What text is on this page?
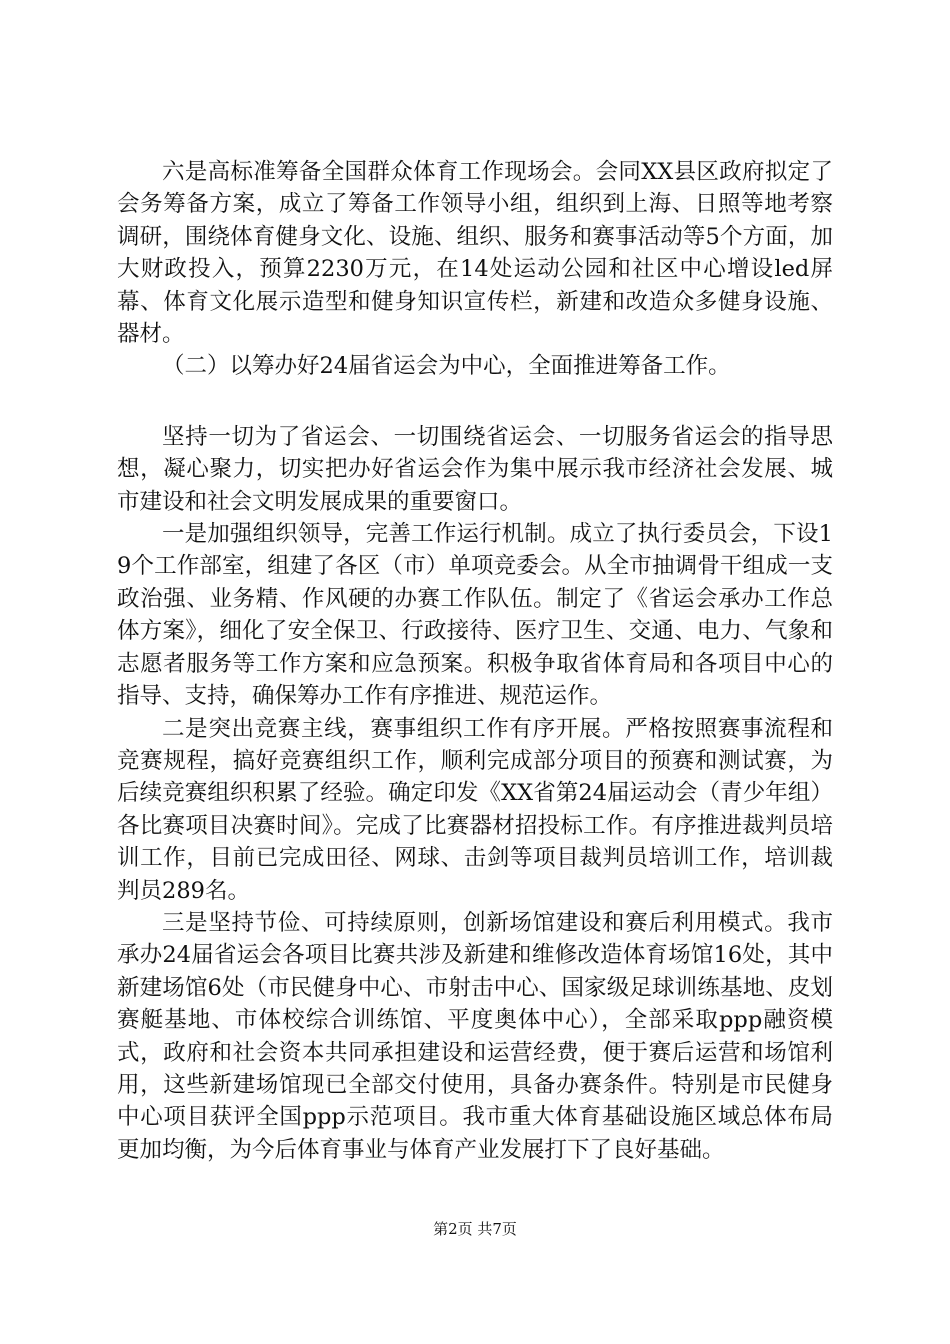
六是高标准筹备全国群众体育工作现场会。会同XX县区政府拟定了会务筹备方案，成立了筹备工作领导小组，组织到上海、日照等地考察调研，围绕体育健身文化、设施、组织、服务和赛事活动等5个方面，加大财政投入，预算2230万元，在14处运动公园和社区中心增设led屏幕、体育文化展示造型和健身知识宣传栏，新建和改造众多健身设施、器材。

（二）以筹办好24届省运会为中心，全面推进筹备工作。

坚持一切为了省运会、一切围绕省运会、一切服务省运会的指导思想，凝心聚力，切实把办好省运会作为集中展示我市经济社会发展、城市建设和社会文明发展成果的重要窗口。

一是加强组织领导，完善工作运行机制。成立了执行委员会，下设19个工作部室，组建了各区（市）单项竞委会。从全市抽调骨干组成一支政治强、业务精、作风硬的办赛工作队伍。制定了《省运会承办工作总体方案》，细化了安全保卫、行政接待、医疗卫生、交通、电力、气象和志愿者服务等工作方案和应急预案。积极争取省体育局和各项目中心的指导、支持，确保筹办工作有序推进、规范运作。

二是突出竞赛主线，赛事组织工作有序开展。严格按照赛事流程和竞赛规程，搞好竞赛组织工作，顺利完成部分项目的预赛和测试赛，为后续竞赛组织积累了经验。确定印发《XX省第24届运动会（青少年组）各比赛项目决赛时间》。完成了比赛器材招投标工作。有序推进裁判员培训工作，目前已完成田径、网球、击剑等项目裁判员培训工作，培训裁判员289名。

三是坚持节俭、可持续原则，创新场馆建设和赛后利用模式。我市承办24届省运会各项目比赛共涉及新建和维修改造体育场馆16处，其中新建场馆6处（市民健身中心、市射击中心、国家级足球训练基地、皮划赛艇基地、市体校综合训练馆、平度奥体中心），全部采取ppp融资模式，政府和社会资本共同承担建设和运营经费，便于赛后运营和场馆利用，这些新建场馆现已全部交付使用，具备办赛条件。特别是市民健身中心项目获评全国ppp示范项目。我市重大体育基础设施区域总体布局更加均衡，为今后体育事业与体育产业发展打下了良好基础。

第2页 共7页
